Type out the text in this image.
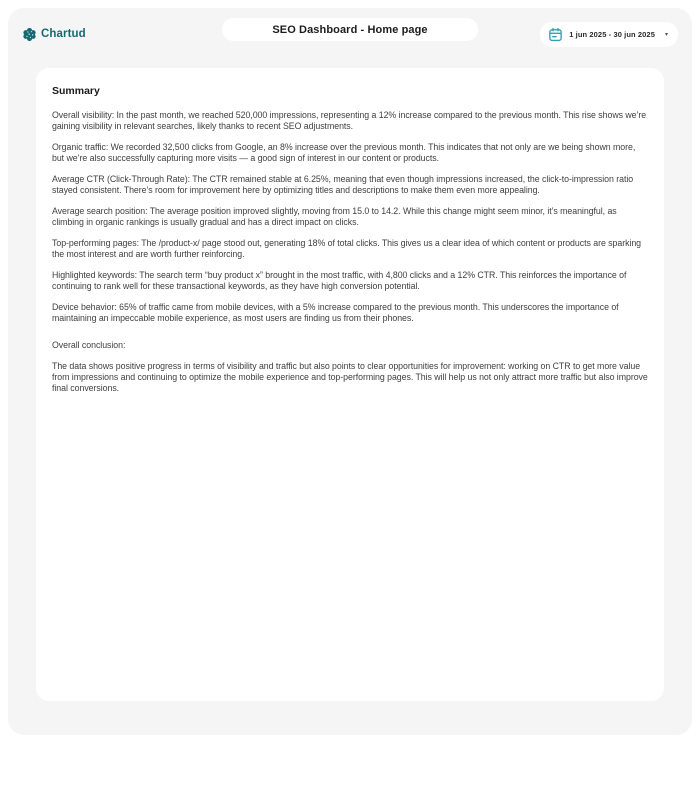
Chartud	SEO Dashboard - Home page	1 jun 2025 - 30 jun 2025 ▾
Summary

Overall visibility: In the past month, we reached 520,000 impressions, representing a 12% increase compared to the previous month. This rise shows we’re gaining visibility in relevant searches, likely thanks to recent SEO adjustments.

Organic traffic: We recorded 32,500 clicks from Google, an 8% increase over the previous month. This indicates that not only are we being shown more, but we’re also successfully capturing more visits — a good sign of interest in our content or products.

Average CTR (Click-Through Rate): The CTR remained stable at 6.25%, meaning that even though impressions increased, the click-to-impression ratio stayed consistent. There’s room for improvement here by optimizing titles and descriptions to make them even more appealing.

Average search position: The average position improved slightly, moving from 15.0 to 14.2. While this change might seem minor, it’s meaningful, as climbing in organic rankings is usually gradual and has a direct impact on clicks.

Top-performing pages: The /product-x/ page stood out, generating 18% of total clicks. This gives us a clear idea of which content or products are sparking the most interest and are worth further reinforcing.

Highlighted keywords: The search term “buy product x” brought in the most traffic, with 4,800 clicks and a 12% CTR. This reinforces the importance of continuing to rank well for these transactional keywords, as they have high conversion potential.

Device behavior: 65% of traffic came from mobile devices, with a 5% increase compared to the previous month. This underscores the importance of maintaining an impeccable mobile experience, as most users are finding us from their phones.

Overall conclusion:

The data shows positive progress in terms of visibility and traffic but also points to clear opportunities for improvement: working on CTR to get more value from impressions and continuing to optimize the mobile experience and top-performing pages. This will help us not only attract more traffic but also improve final conversions.
